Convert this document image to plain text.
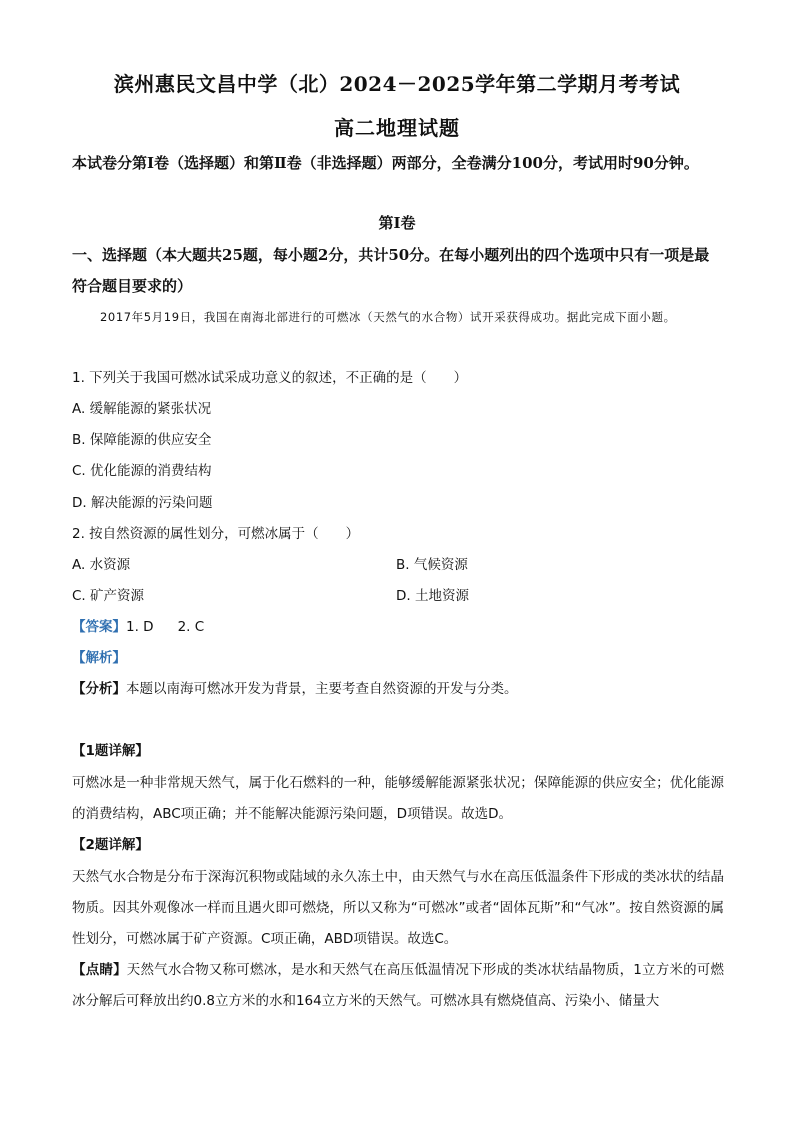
滨州惠民文昌中学（北）2024－2025学年第二学期月考考试
高二地理试题
本试卷分第Ⅰ卷（选择题）和第Ⅱ卷（非选择题）两部分，全卷满分100分，考试用时90分钟。
第Ⅰ卷
一、选择题（本大题共25题，每小题2分，共计50分。在每小题列出的四个选项中只有一项是最符合题目要求的）
2017年5月19日，我国在南海北部进行的可燃冰（天然气的水合物）试开采获得成功。据此完成下面小题。
1. 下列关于我国可燃冰试采成功意义的叙述，不正确的是（　　）
A. 缓解能源的紧张状况
B. 保障能源的供应安全
C. 优化能源的消费结构
D. 解决能源的污染问题
2. 按自然资源的属性划分，可燃冰属于（　　）
A. 水资源	B. 气候资源
C. 矿产资源	D. 土地资源
【答案】1. D 2. C
【解析】
【分析】本题以南海可燃冰开发为背景，主要考查自然资源的开发与分类。
【1题详解】
可燃冰是一种非常规天然气，属于化石燃料的一种，能够缓解能源紧张状况；保障能源的供应安全；优化能源的消费结构，ABC项正确；并不能解决能源污染问题，D项错误。故选D。
【2题详解】
天然气水合物是分布于深海沉积物或陆域的永久冻土中，由天然气与水在高压低温条件下形成的类冰状的结晶物质。因其外观像冰一样而且遇火即可燃烧，所以又称为“可燃冰”或者“固体瓦斯”和“气冰”。按自然资源的属性划分，可燃冰属于矿产资源。C项正确，ABD项错误。故选C。
【点睛】天然气水合物又称可燃冰，是水和天然气在高压低温情况下形成的类冰状结晶物质，1立方米的可燃冰分解后可释放出约0.8立方米的水和164立方米的天然气。可燃冰具有燃烧值高、污染小、储量大
